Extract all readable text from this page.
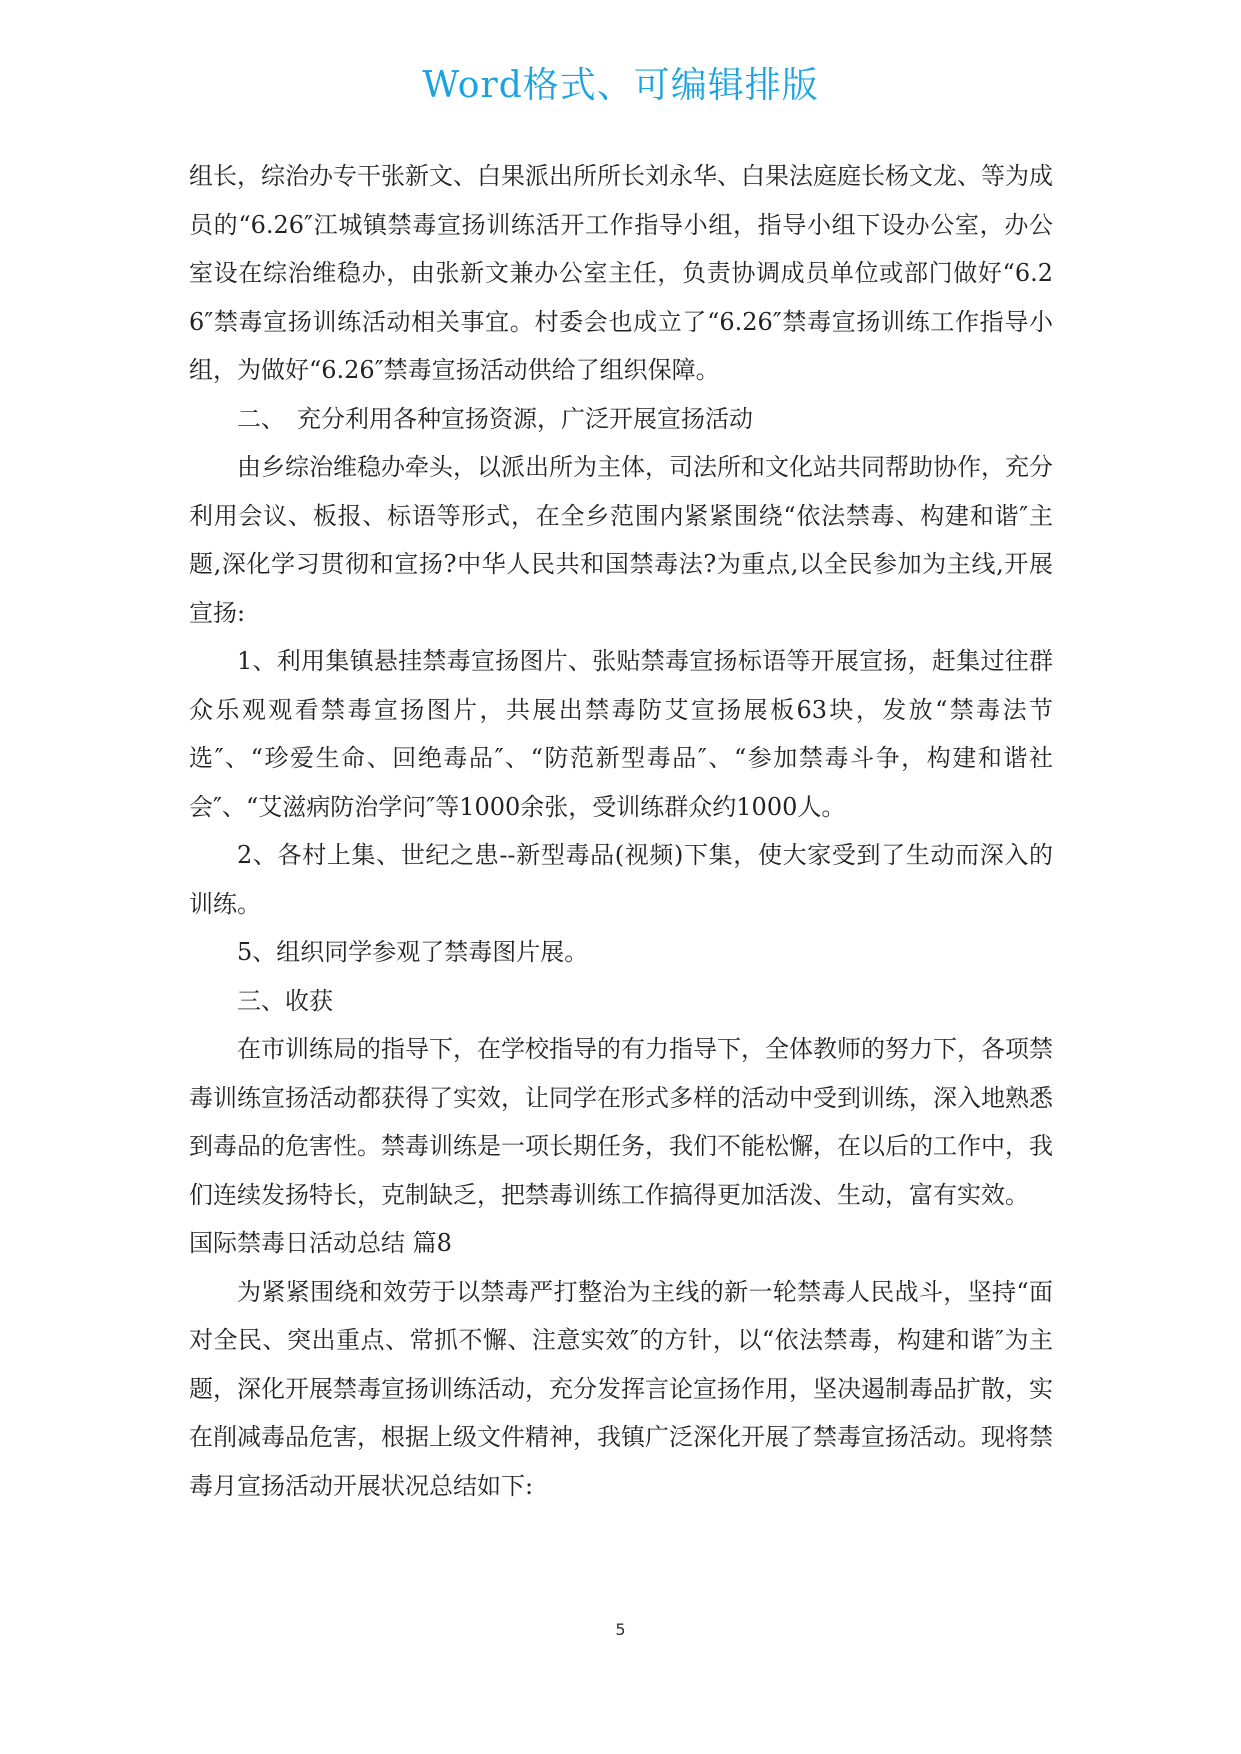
Word格式、可编辑排版

组长，综治办专干张新文、白果派出所所长刘永华、白果法庭庭长杨文龙、等为成员的“6.26″江城镇禁毒宣扬训练活开工作指导小组，指导小组下设办公室，办公室设在综治维稳办，由张新文兼办公室主任，负责协调成员单位或部门做好“6.26″禁毒宣扬训练活动相关事宜。村委会也成立了“6.26″禁毒宣扬训练工作指导小组，为做好“6.26″禁毒宣扬活动供给了组织保障。

二、　充分利用各种宣扬资源，广泛开展宣扬活动

由乡综治维稳办牵头，以派出所为主体，司法所和文化站共同帮助协作，充分利用会议、板报、标语等形式，在全乡范围内紧紧围绕“依法禁毒、构建和谐″主题,深化学习贯彻和宣扬?中华人民共和国禁毒法?为重点,以全民参加为主线,开展宣扬:

1、利用集镇悬挂禁毒宣扬图片、张贴禁毒宣扬标语等开展宣扬，赶集过往群众乐观观看禁毒宣扬图片，共展出禁毒防艾宣扬展板63块，发放“禁毒法节选″、“珍爱生命、回绝毒品″、“防范新型毒品″、“参加禁毒斗争，构建和谐社会″、“艾滋病防治学问″等1000余张，受训练群众约1000人。

2、各村上集、世纪之患--新型毒品(视频)下集，使大家受到了生动而深入的训练。

5、组织同学参观了禁毒图片展。

三、收获

在市训练局的指导下，在学校指导的有力指导下，全体教师的努力下，各项禁毒训练宣扬活动都获得了实效，让同学在形式多样的活动中受到训练，深入地熟悉到毒品的危害性。禁毒训练是一项长期任务，我们不能松懈，在以后的工作中，我们连续发扬特长，克制缺乏，把禁毒训练工作搞得更加活泼、生动，富有实效。

国际禁毒日活动总结 篇8

为紧紧围绕和效劳于以禁毒严打整治为主线的新一轮禁毒人民战斗，坚持“面对全民、突出重点、常抓不懈、注意实效″的方针，以“依法禁毒，构建和谐″为主题，深化开展禁毒宣扬训练活动，充分发挥言论宣扬作用，坚决遏制毒品扩散，实在削减毒品危害，根据上级文件精神，我镇广泛深化开展了禁毒宣扬活动。现将禁毒月宣扬活动开展状况总结如下:

5
